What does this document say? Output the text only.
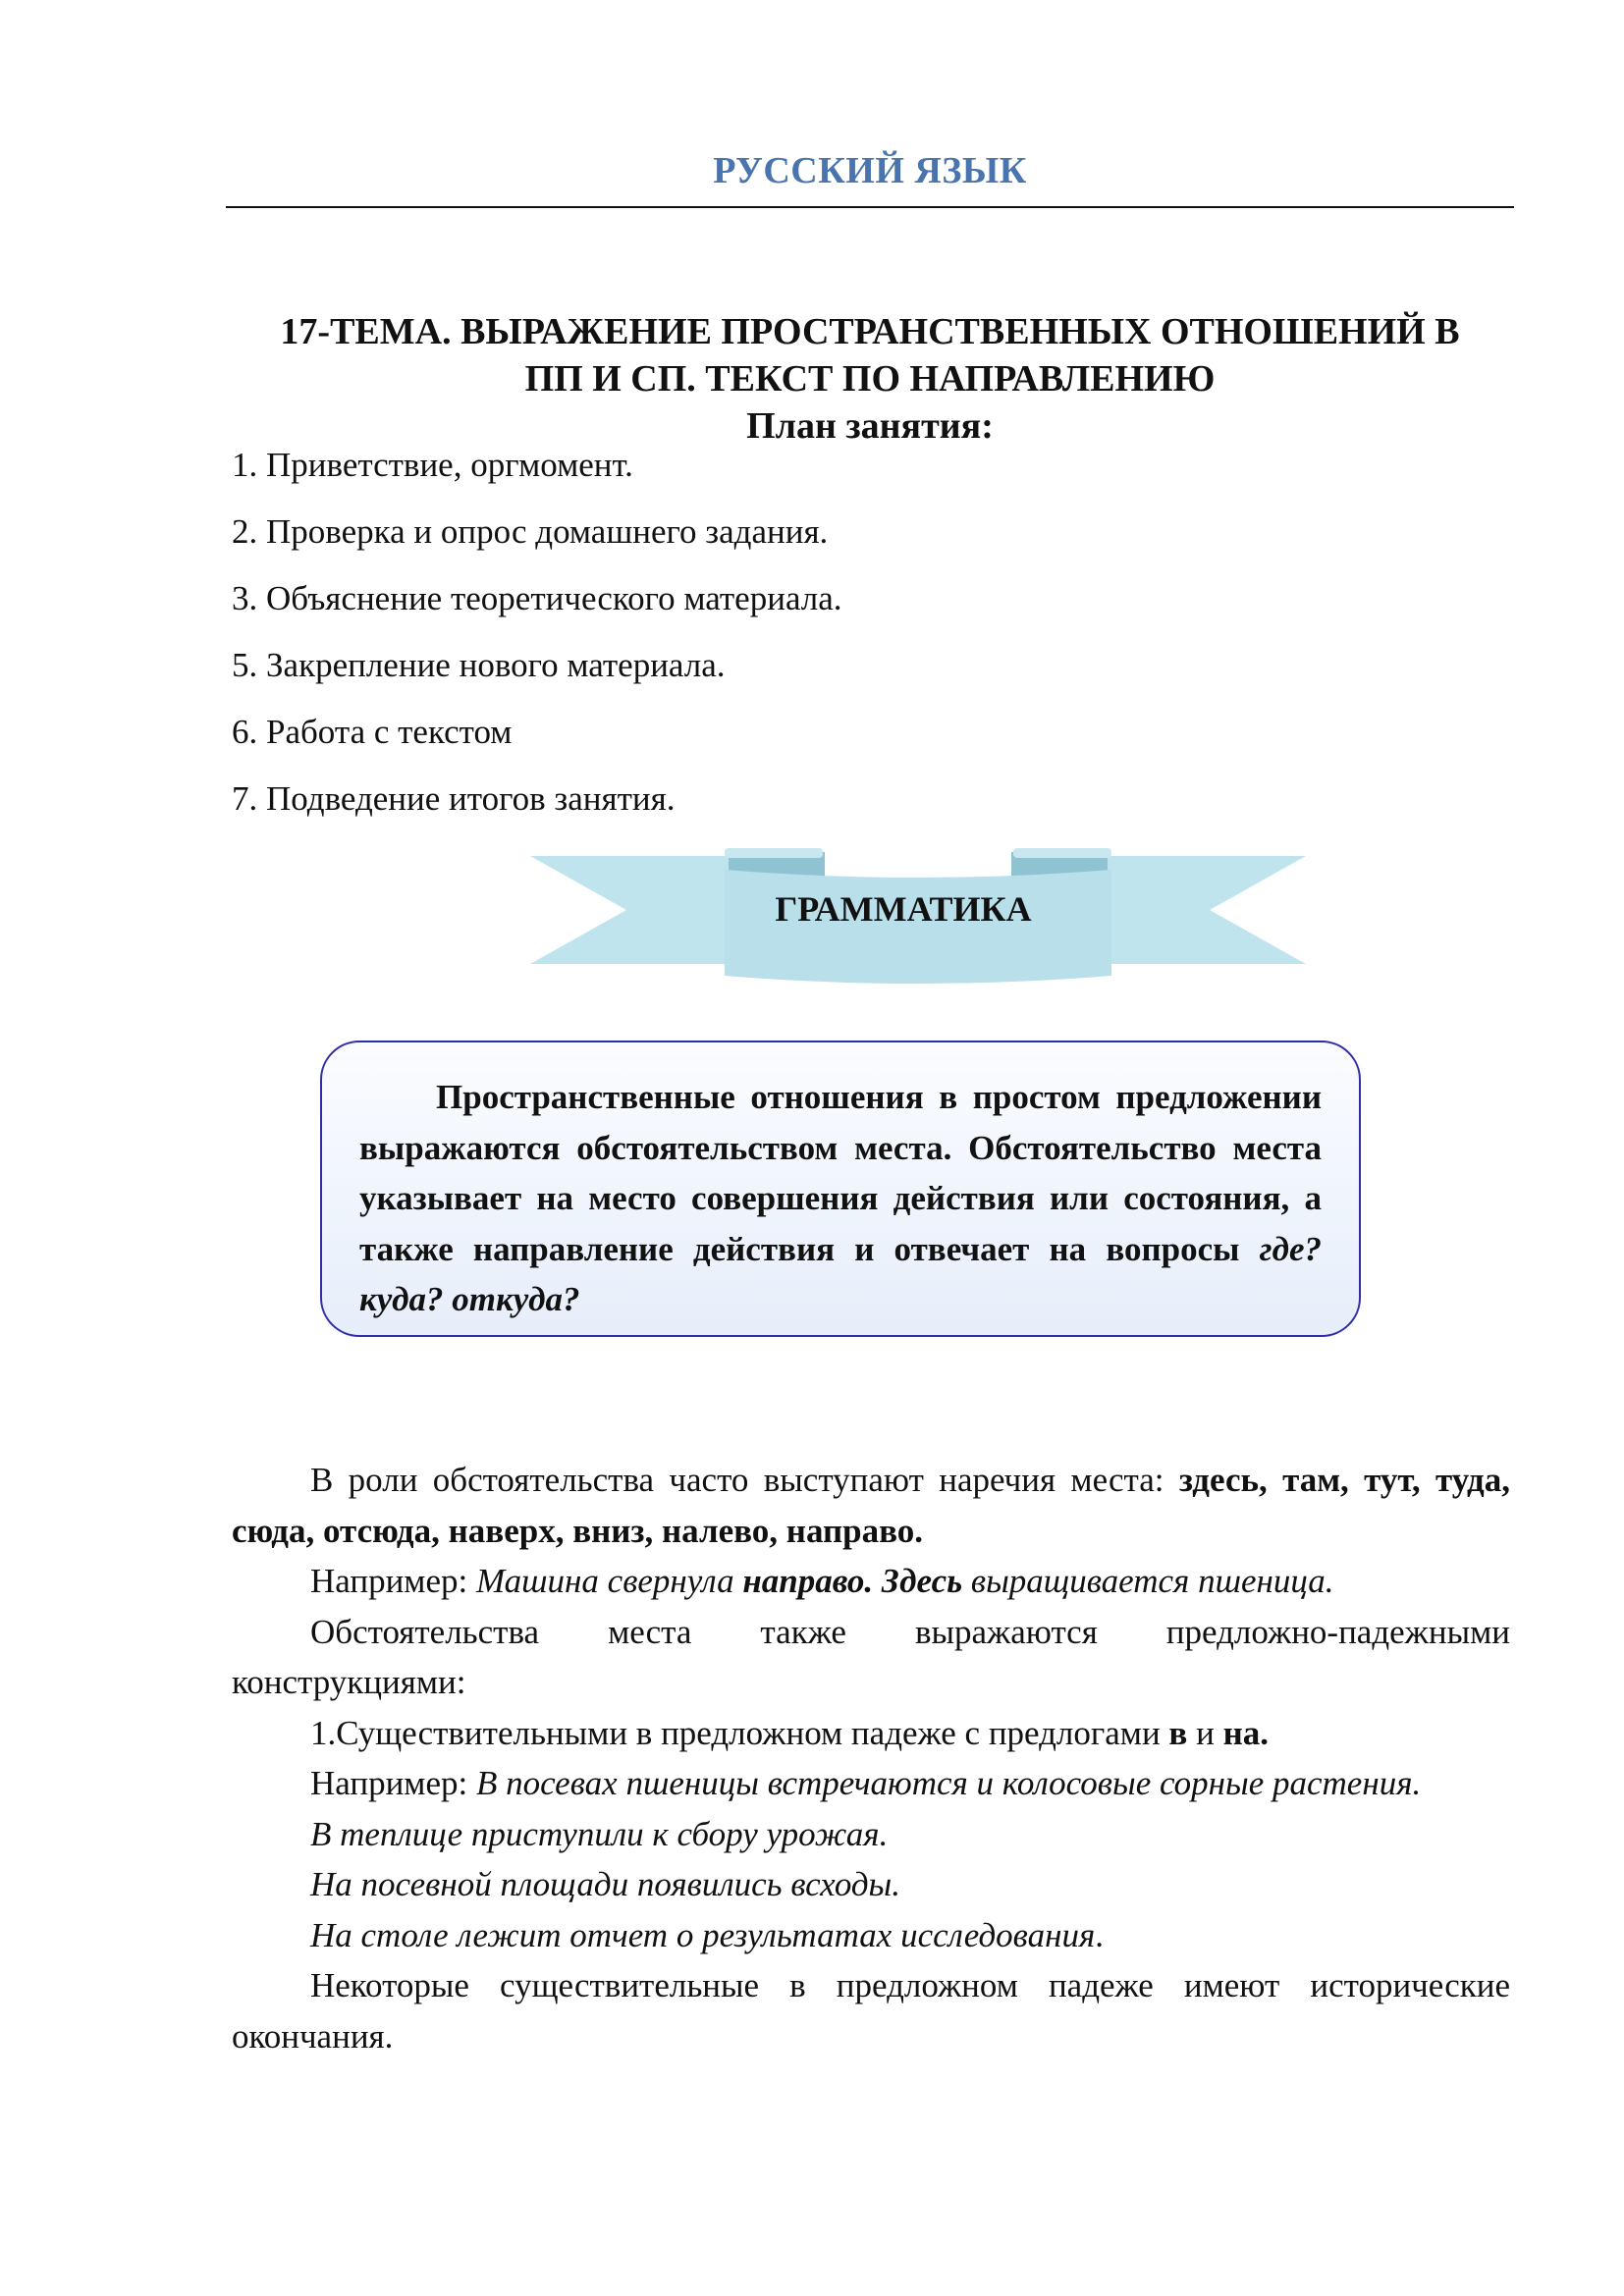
РУССКИЙ ЯЗЫК
17-ТЕМА. ВЫРАЖЕНИЕ ПРОСТРАНСТВЕННЫХ ОТНОШЕНИЙ В
ПП И СП. ТЕКСТ ПО НАПРАВЛЕНИЮ
План занятия:
1. Приветствие, оргмомент.
2. Проверка и опрос домашнего задания.
3. Объяснение теоретического материала.
5. Закрепление нового материала.
6. Работа с текстом
7. Подведение итогов занятия.
ГРАММАТИКА

Пространственные отношения в простом предложении выражаются обстоятельством места. Обстоятельство места указывает на место совершения действия или состояния, а также направление действия и отвечает на вопросы где? куда? откуда?

В роли обстоятельства часто выступают наречия места: здесь, там, тут, туда, сюда, отсюда, наверх, вниз, налево, направо.

Например: Машина свернула направо. Здесь выращивается пшеница.

Обстоятельства места также выражаются предложно-падежными конструкциями:

1.Существительными в предложном падеже с предлогами в и на.

Например: В посевах пшеницы встречаются и колосовые сорные растения.

В теплице приступили к сбору урожая.

На посевной площади появились всходы.

На столе лежит отчет о результатах исследования.

Некоторые существительные в предложном падеже имеют исторические окончания.
